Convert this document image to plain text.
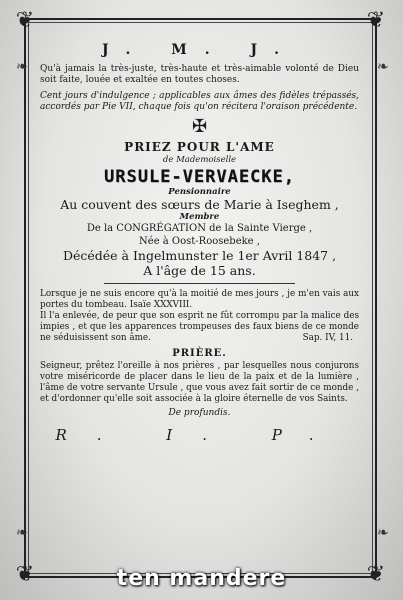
❦	❦
❦	❦
❧	❧
❧	❧
J. M. J.

Qu'à jamais la très-juste, très-haute et très-aimable volonté de Dieu soit faite, louée et exaltée en toutes choses.

Cent jours d'indulgence ; applicables aux âmes des fidèles trépassés, accordés par Pie VII, chaque fois qu'on récitera l'oraison précédente.

✠
PRIEZ POUR L'AME
de Mademoiselle
URSULE-VERVAECKE,
Pensionnaire
Au couvent des sœurs de Marie à Iseghem ,
Membre
De la CONGRÉGATION de la Sainte Vierge ,
Née à Oost-Roosebeke ,
Décédée à Ingelmunster le 1er Avril 1847 ,
A l'âge de 15 ans.

Lorsque je ne suis encore qu'à la moitié de mes jours , je m'en vais aux portes du tombeau. Isaïe XXXVIII.

Il l'a enlevée, de peur que son esprit ne fût corrompu par la malice des impies , et que les apparences trompeuses des faux biens de ce monde ne séduisissent son âme.	Sap. IV, 11.
PRIÈRE.

Seigneur, prêtez l'oreille à nos prières , par lesquelles nous conjurons votre miséricorde de placer dans le lieu de la paix et de la lumière , l'âme de votre servante Ursule , que vous avez fait sortir de ce monde , et d'ordonner qu'elle soit associée à la gloire éternelle de vos Saints.

De profundis.
R. I. P.
ten mandere
